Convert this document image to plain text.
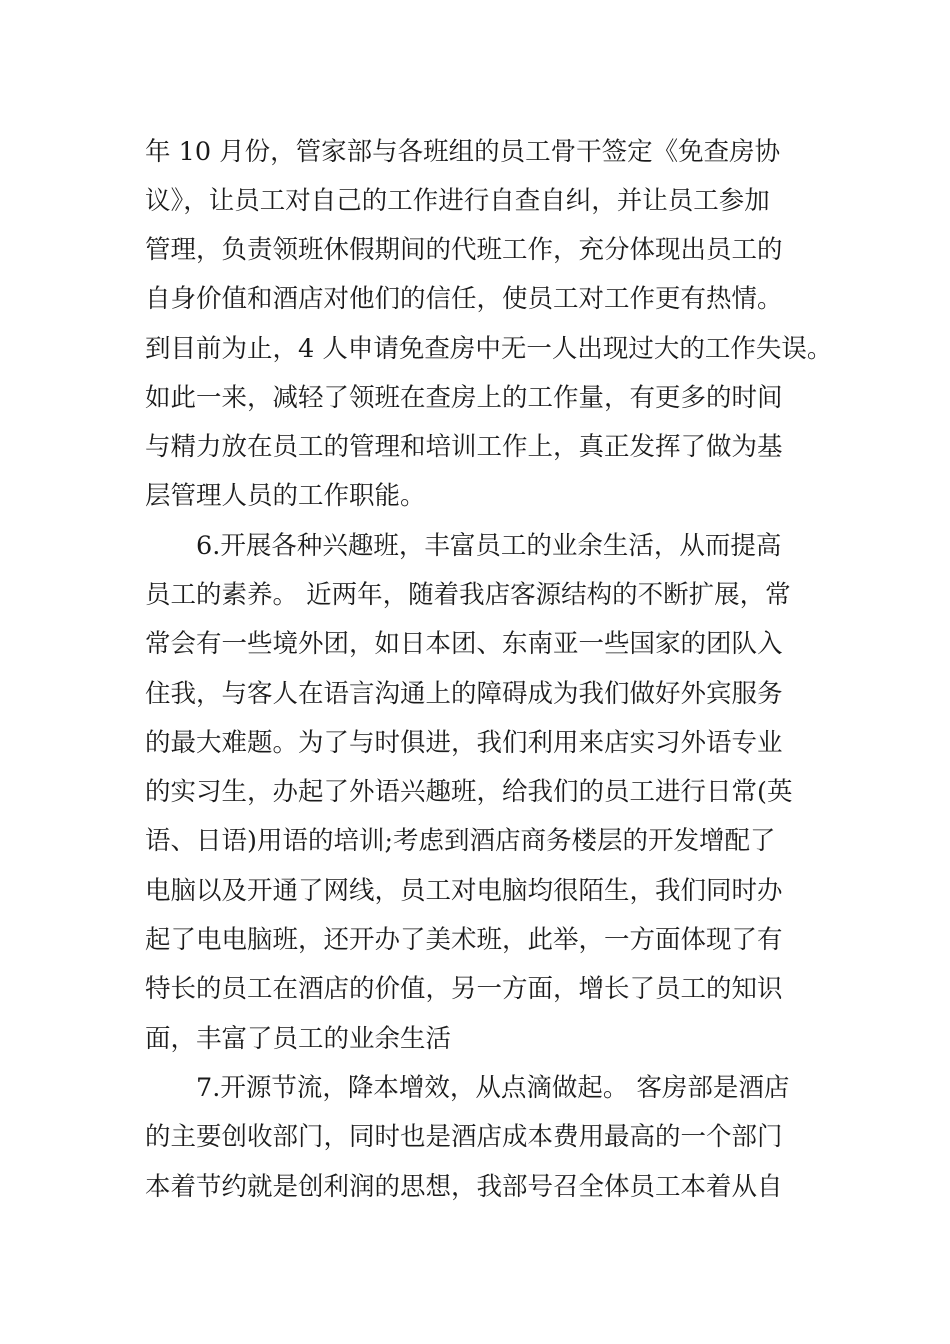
年 10 月份，管家部与各班组的员工骨干签定《免查房协

议》，让员工对自己的工作进行自查自纠，并让员工参加

管理，负责领班休假期间的代班工作，充分体现出员工的

自身价值和酒店对他们的信任，使员工对工作更有热情。

到目前为止，4 人申请免查房中无一人出现过大的工作失误。

如此一来，减轻了领班在查房上的工作量，有更多的时间

与精力放在员工的管理和培训工作上，真正发挥了做为基

层管理人员的工作职能。

6.开展各种兴趣班，丰富员工的业余生活，从而提高

员工的素养。 近两年，随着我店客源结构的不断扩展，常

常会有一些境外团，如日本团、东南亚一些国家的团队入

住我，与客人在语言沟通上的障碍成为我们做好外宾服务

的最大难题。为了与时俱进，我们利用来店实习外语专业

的实习生，办起了外语兴趣班，给我们的员工进行日常(英

语、日语)用语的培训;考虑到酒店商务楼层的开发增配了

电脑以及开通了网线，员工对电脑均很陌生，我们同时办

起了电电脑班，还开办了美术班，此举，一方面体现了有

特长的员工在酒店的价值，另一方面，增长了员工的知识

面，丰富了员工的业余生活

7.开源节流，降本增效，从点滴做起。 客房部是酒店

的主要创收部门，同时也是酒店成本费用最高的一个部门

本着节约就是创利润的思想，我部号召全体员工本着从自
